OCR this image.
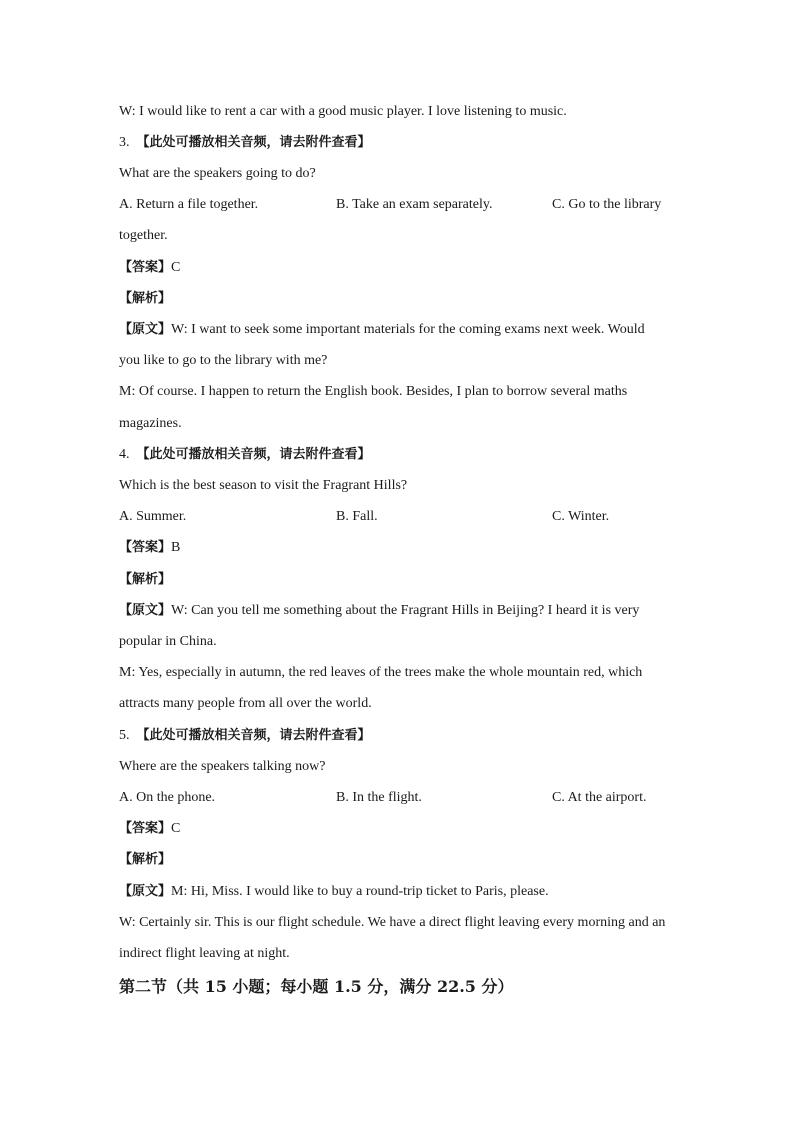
W: I would like to rent a car with a good music player. I love listening to music.
3. 【此处可播放相关音频，请去附件查看】
What are the speakers going to do?
A. Return a file together.	B. Take an exam separately.	C. Go to the library
together.
【答案】C
【解析】
【原文】W: I want to seek some important materials for the coming exams next week. Would
you like to go to the library with me?
M: Of course. I happen to return the English book. Besides, I plan to borrow several maths
magazines.
4. 【此处可播放相关音频，请去附件查看】
Which is the best season to visit the Fragrant Hills?
A. Summer.	B. Fall.	C. Winter.
【答案】B
【解析】
【原文】W: Can you tell me something about the Fragrant Hills in Beijing? I heard it is very
popular in China.
M: Yes, especially in autumn, the red leaves of the trees make the whole mountain red, which
attracts many people from all over the world.
5. 【此处可播放相关音频，请去附件查看】
Where are the speakers talking now?
A. On the phone.	B. In the flight.	C. At the airport.
【答案】C
【解析】
【原文】M: Hi, Miss. I would like to buy a round-trip ticket to Paris, please.
W: Certainly sir. This is our flight schedule. We have a direct flight leaving every morning and an
indirect flight leaving at night.
第二节（共 15 小题；每小题 1.5 分，满分 22.5 分）
